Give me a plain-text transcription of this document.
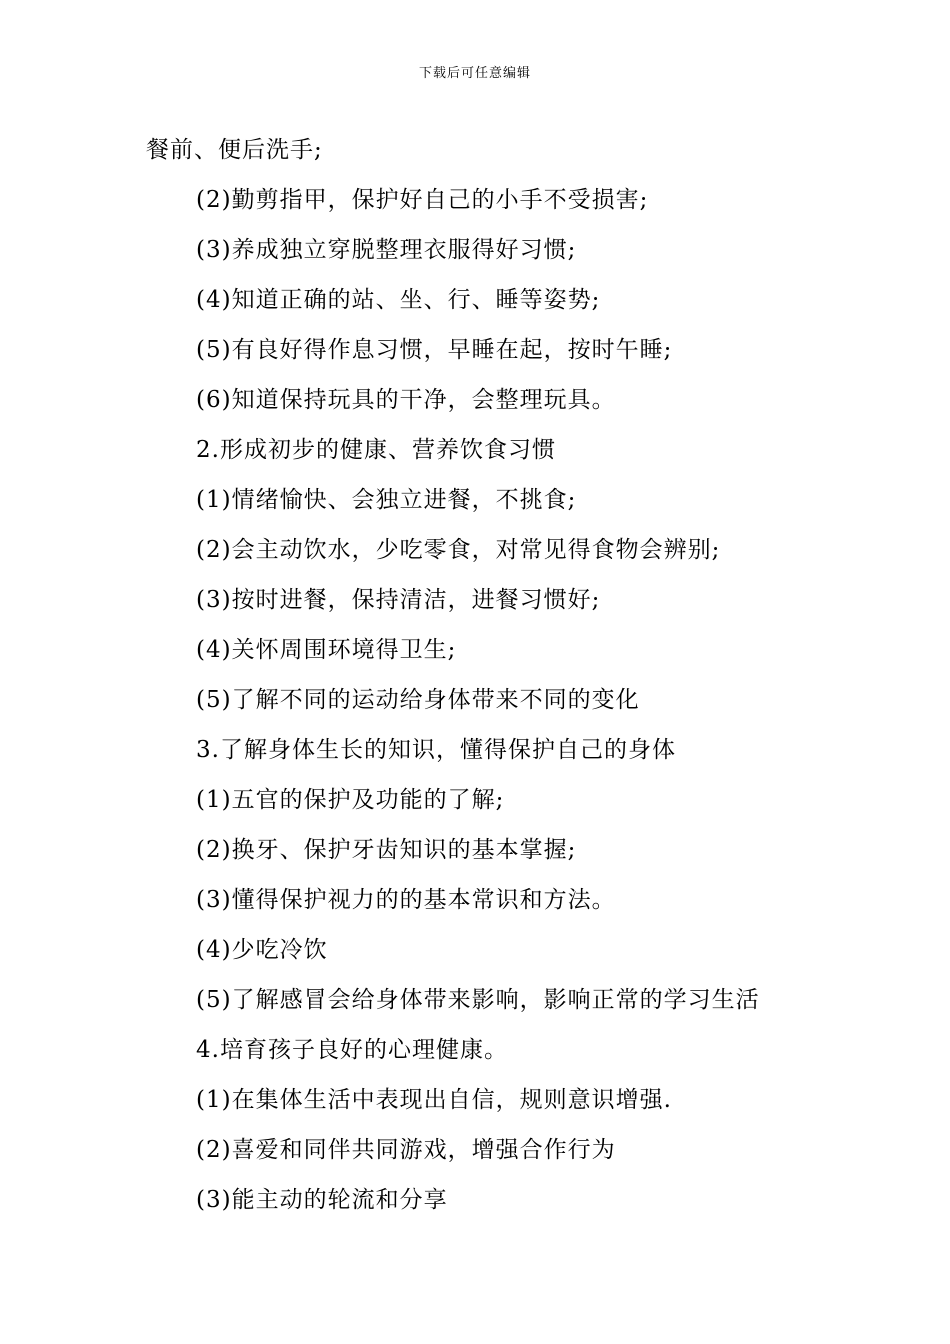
下载后可任意编辑
餐前、便后洗手;
(2)勤剪指甲，保护好自己的小手不受损害;
(3)养成独立穿脱整理衣服得好习惯;
(4)知道正确的站、坐、行、睡等姿势;
(5)有良好得作息习惯，早睡在起，按时午睡;
(6)知道保持玩具的干净，会整理玩具。
2.形成初步的健康、营养饮食习惯
(1)情绪愉快、会独立进餐，不挑食;
(2)会主动饮水，少吃零食，对常见得食物会辨别;
(3)按时进餐，保持清洁，进餐习惯好;
(4)关怀周围环境得卫生;
(5)了解不同的运动给身体带来不同的变化
3.了解身体生长的知识，懂得保护自己的身体
(1)五官的保护及功能的了解;
(2)换牙、保护牙齿知识的基本掌握;
(3)懂得保护视力的的基本常识和方法。
(4)少吃冷饮
(5)了解感冒会给身体带来影响，影响正常的学习生活
4.培育孩子良好的心理健康。
(1)在集体生活中表现出自信，规则意识增强.
(2)喜爱和同伴共同游戏，增强合作行为
(3)能主动的轮流和分享
